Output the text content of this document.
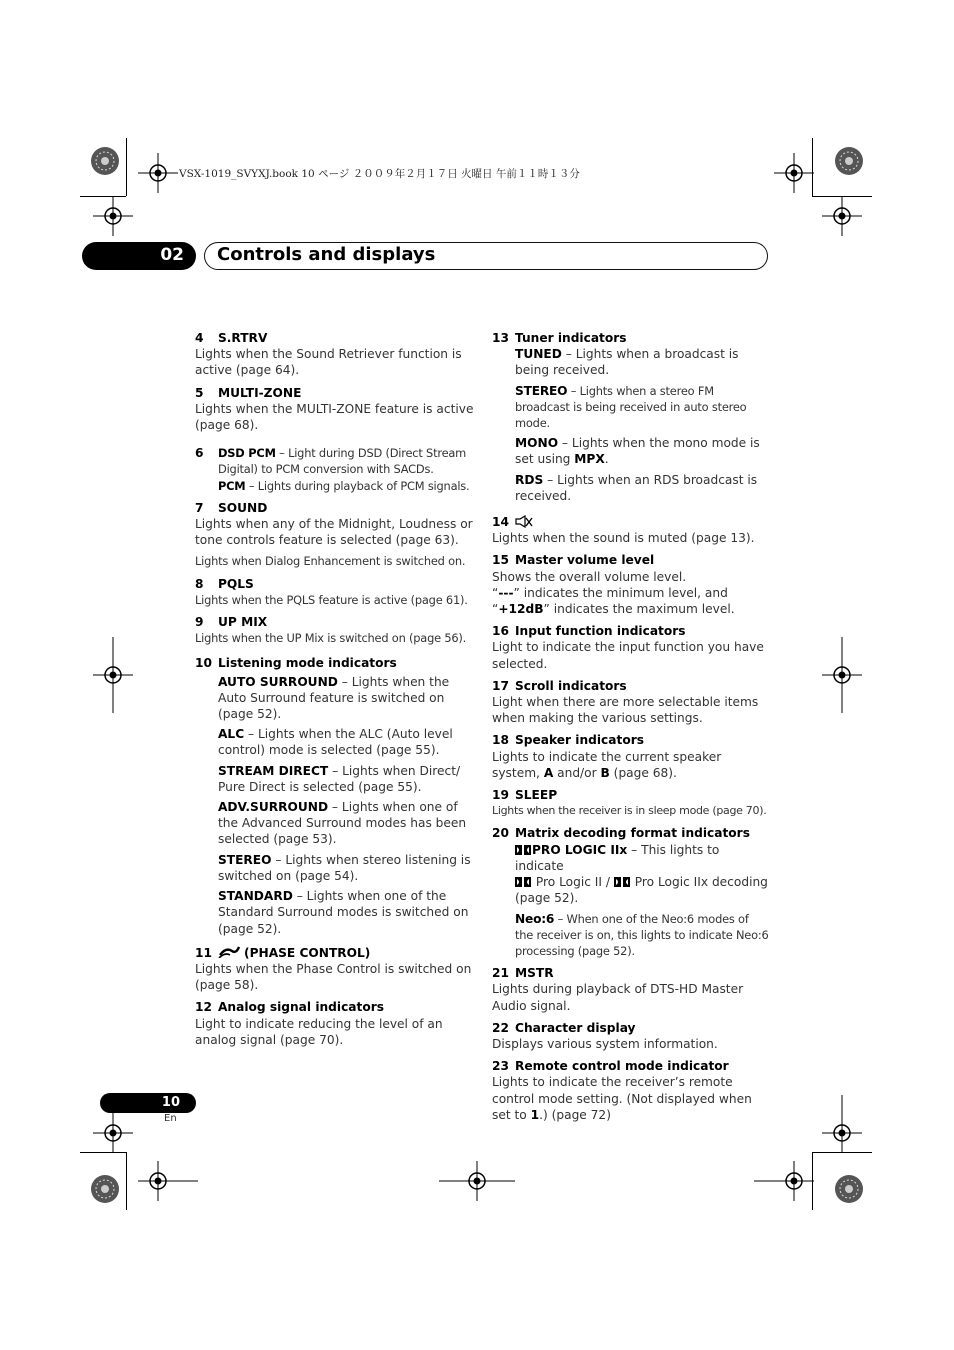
VSX-1019_SVYXJ.book 10 ページ ２００９年２月１７日 火曜日 午前１１時１３分
02 Controls and displays
4 S.RTRV
Lights when the Sound Retriever function is active (page 64).
5 MULTI-ZONE
Lights when the MULTI-ZONE feature is active (page 68).
6	DSD PCM – Light during DSD (Direct Stream Digital) to PCM conversion with SACDs.
PCM – Lights during playback of PCM signals.
7 SOUND
Lights when any of the Midnight, Loudness or tone controls feature is selected (page 63).
Lights when Dialog Enhancement is switched on.
8 PQLS
Lights when the PQLS feature is active (page 61).
9 UP MIX
Lights when the UP Mix is switched on (page 56).
10 Listening mode indicators
AUTO SURROUND – Lights when the Auto Surround feature is switched on (page 52).
ALC – Lights when the ALC (Auto level control) mode is selected (page 55).
STREAM DIRECT – Lights when Direct/ Pure Direct is selected (page 55).
ADV.SURROUND – Lights when one of the Advanced Surround modes has been selected (page 53).
STEREO – Lights when stereo listening is switched on (page 54).
STANDARD – Lights when one of the Standard Surround modes is switched on (page 52).
11	(PHASE CONTROL)
Lights when the Phase Control is switched on (page 58).
12 Analog signal indicators
Light to indicate reducing the level of an analog signal (page 70).
13 Tuner indicators
TUNED – Lights when a broadcast is being received.
STEREO – Lights when a stereo FM broadcast is being received in auto stereo mode.
MONO – Lights when the mono mode is set using MPX.
RDS – Lights when an RDS broadcast is received.
14
Lights when the sound is muted (page 13).
15 Master volume level
Shows the overall volume level.
“---” indicates the minimum level, and “+12dB” indicates the maximum level.
16 Input function indicators
Light to indicate the input function you have selected.
17 Scroll indicators
Light when there are more selectable items when making the various settings.
18 Speaker indicators
Lights to indicate the current speaker system, A and/or B (page 68).
19 SLEEP
Lights when the receiver is in sleep mode (page 70).
20 Matrix decoding format indicators
PRO LOGIC IIx – This lights to indicate
Pro Logic II /  Pro Logic IIx decoding (page 52).
Neo:6 – When one of the Neo:6 modes of the receiver is on, this lights to indicate Neo:6 processing (page 52).
21 MSTR
Lights during playback of DTS-HD Master Audio signal.
22 Character display
Displays various system information.
23 Remote control mode indicator
Lights to indicate the receiver’s remote control mode setting. (Not displayed when set to 1.) (page 72)
10
En
